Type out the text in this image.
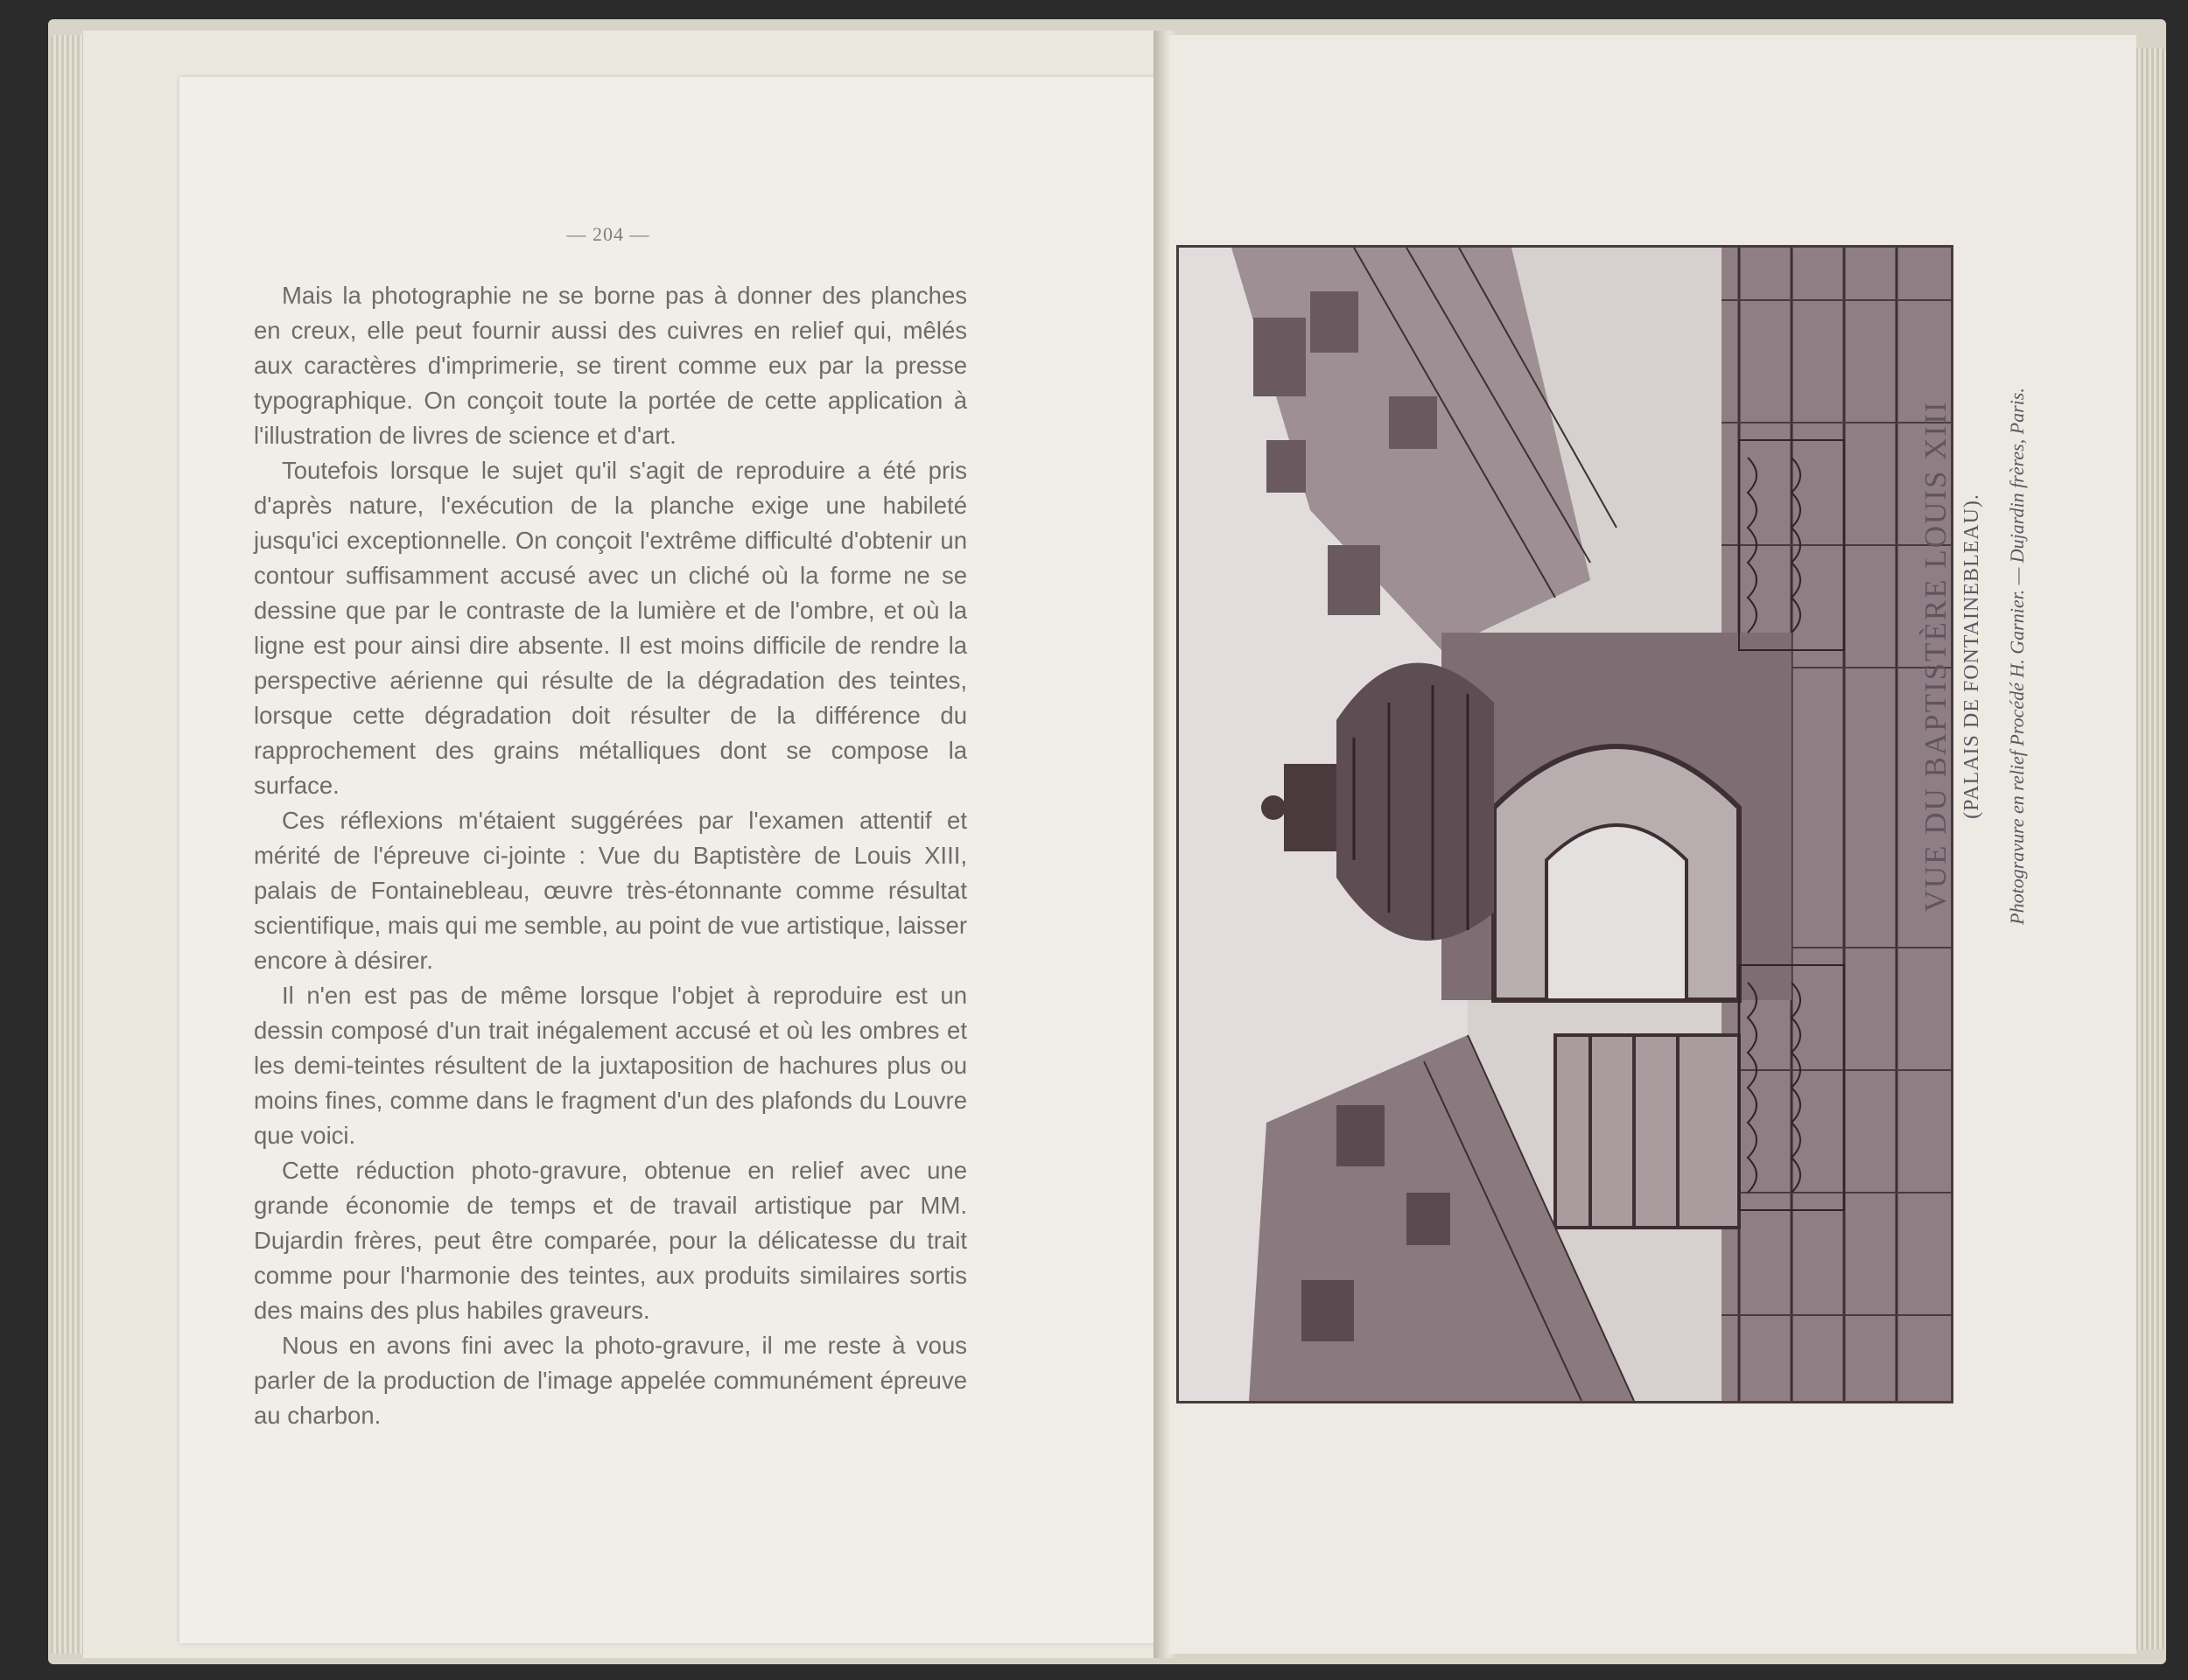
— 204 —

Mais la photographie ne se borne pas à donner des planches en creux, elle peut fournir aussi des cuivres en relief qui, mêlés aux caractères d'imprimerie, se tirent comme eux par la presse typographique. On conçoit toute la portée de cette application à l'illustration de livres de science et d'art.

Toutefois lorsque le sujet qu'il s'agit de reproduire a été pris d'après nature, l'exécution de la planche exige une habileté jusqu'ici exceptionnelle. On conçoit l'extrême difficulté d'obtenir un contour suffisamment accusé avec un cliché où la forme ne se dessine que par le contraste de la lumière et de l'ombre, et où la ligne est pour ainsi dire absente. Il est moins difficile de rendre la perspective aérienne qui résulte de la dégradation des teintes, lorsque cette dégradation doit résulter de la différence du rapprochement des grains métalliques dont se compose la surface.

Ces réflexions m'étaient suggérées par l'examen attentif et mérité de l'épreuve ci-jointe : Vue du Baptistère de Louis XIII, palais de Fontainebleau, œuvre très-étonnante comme résultat scientifique, mais qui me semble, au point de vue artistique, laisser encore à désirer.

Il n'en est pas de même lorsque l'objet à reproduire est un dessin composé d'un trait inégalement accusé et où les ombres et les demi-teintes résultent de la juxtaposition de hachures plus ou moins fines, comme dans le fragment d'un des plafonds du Louvre que voici.

Cette réduction photo-gravure, obtenue en relief avec une grande économie de temps et de travail artistique par MM. Dujardin frères, peut être comparée, pour la délicatesse du trait comme pour l'harmonie des teintes, aux produits similaires sortis des mains des plus habiles graveurs.

Nous en avons fini avec la photo-gravure, il me reste à vous parler de la production de l'image appelée communément épreuve au charbon.

VUE DU BAPTISTÈRE LOUIS XIII (PALAIS DE FONTAINEBLEAU). Photogravure en relief Procédé H. Garnier. — Dujardin frères, Paris.
